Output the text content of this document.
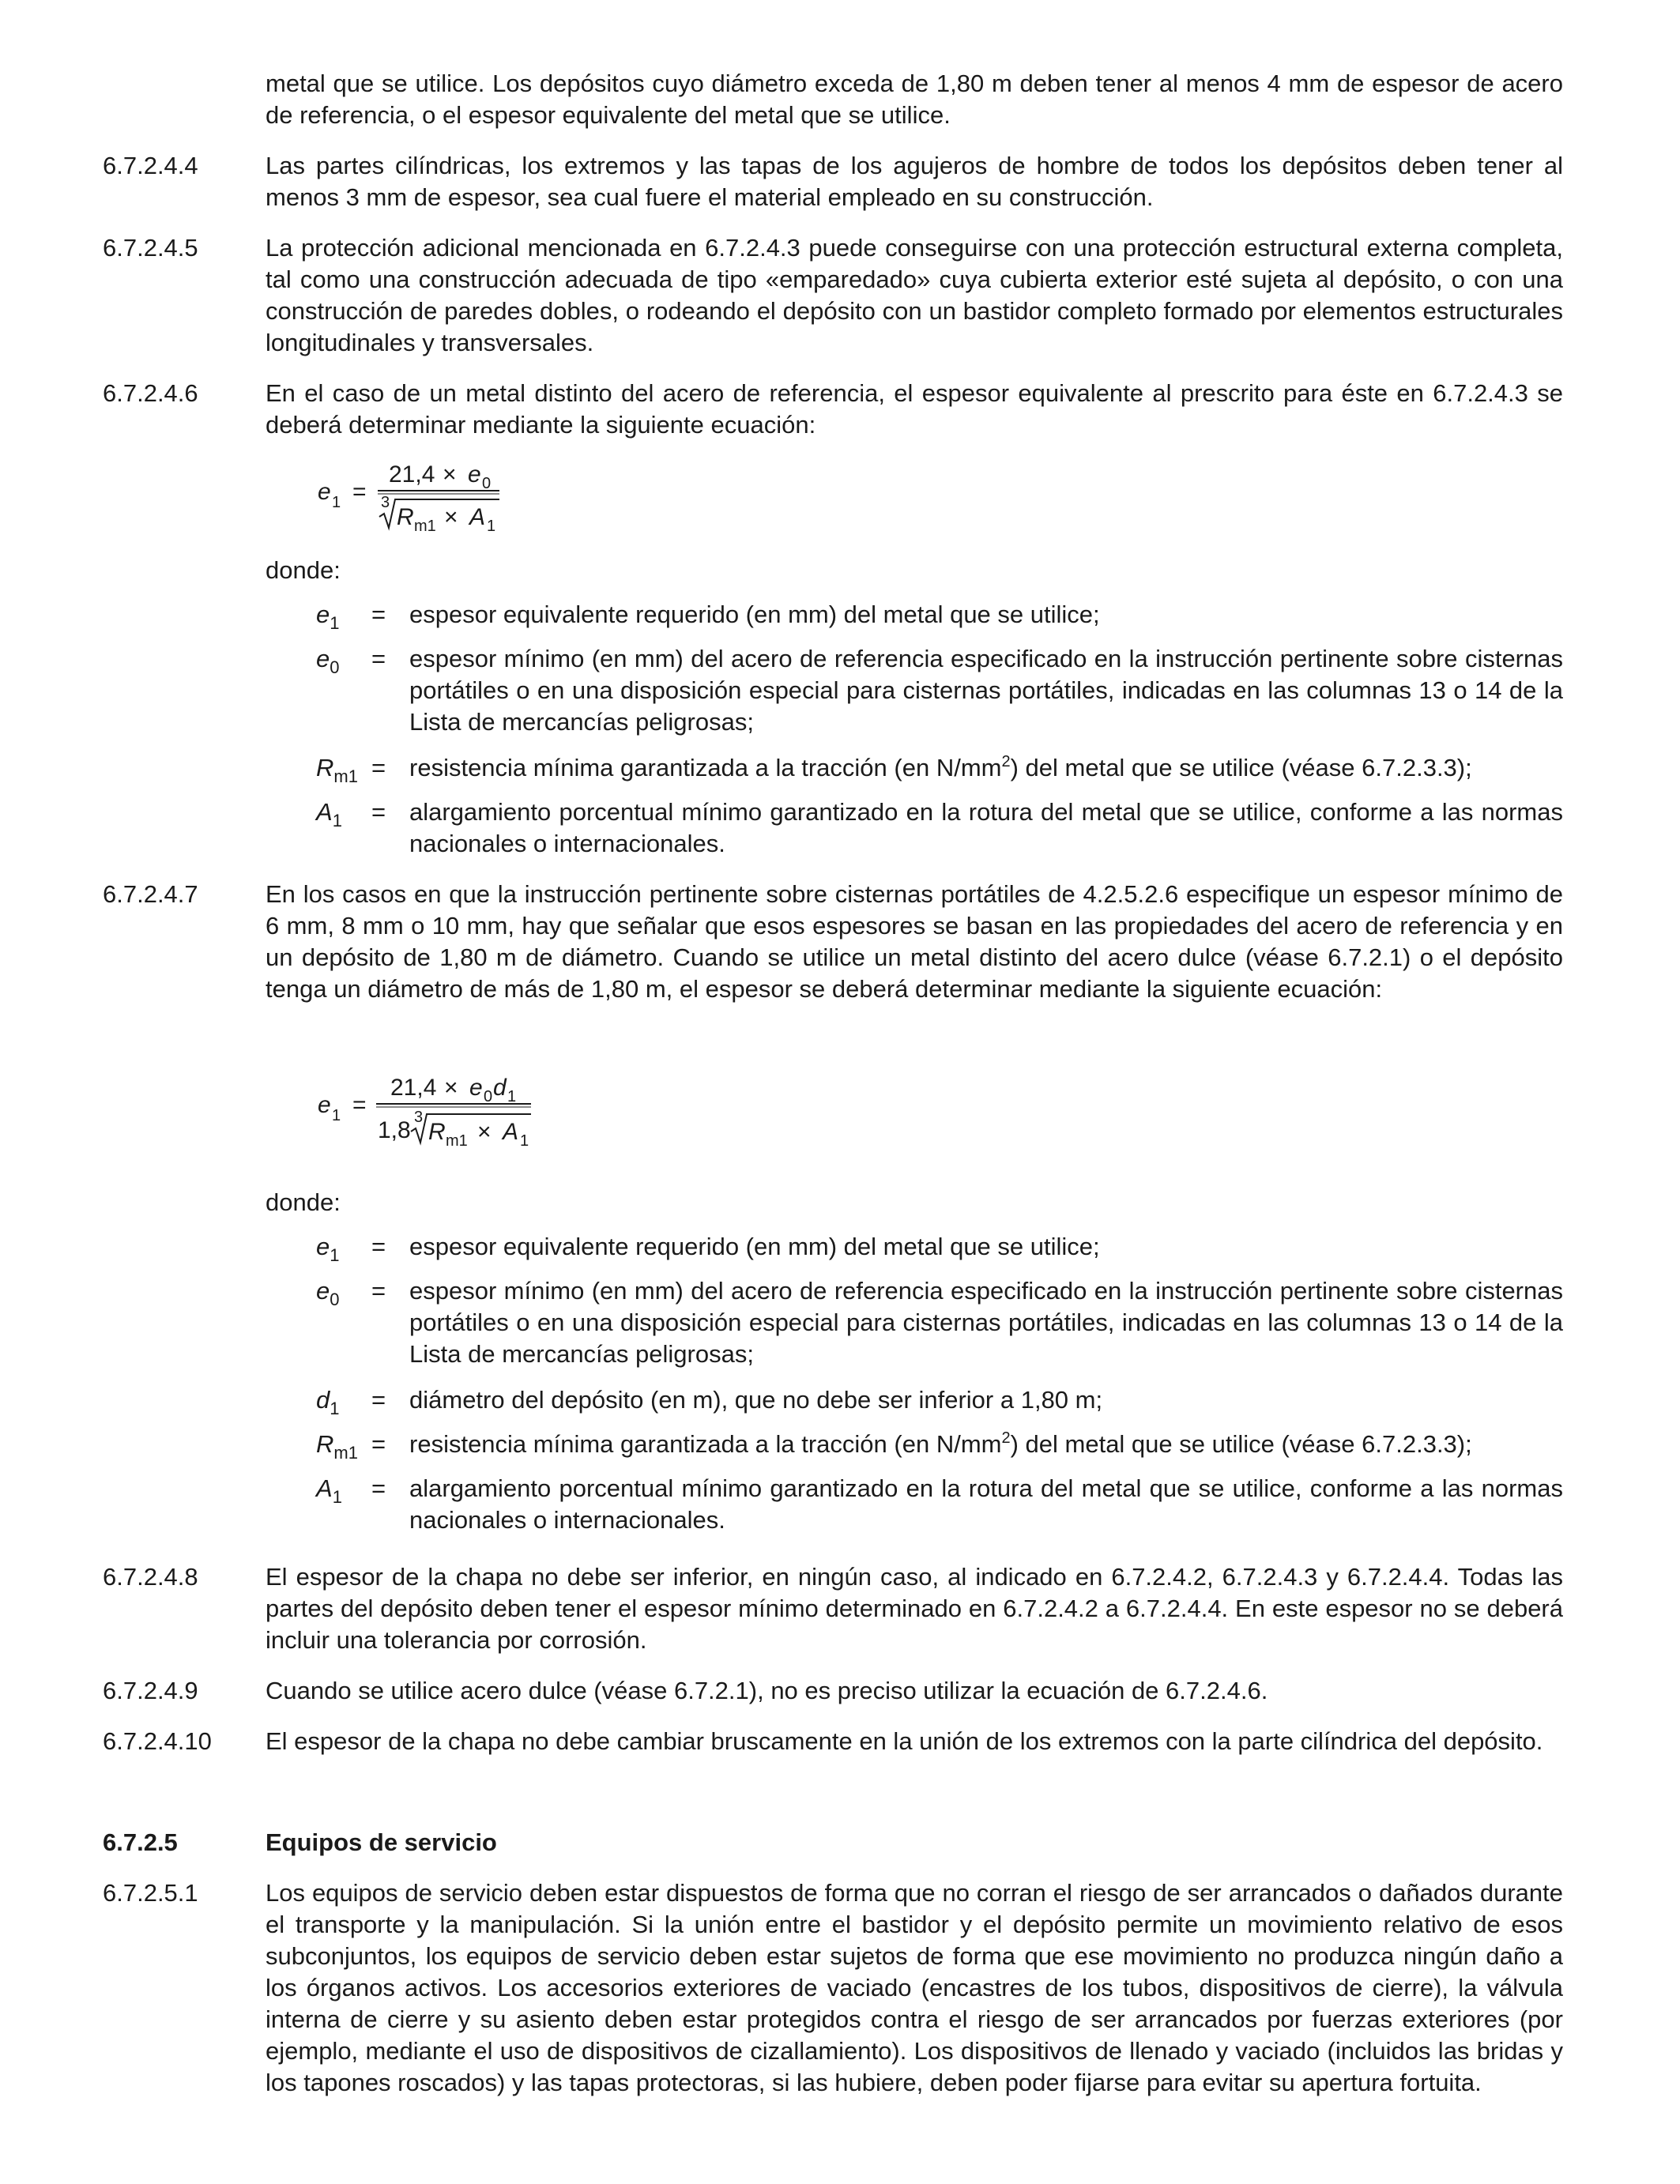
metal que se utilice. Los depósitos cuyo diámetro exceda de 1,80 m deben tener al menos 4 mm de espesor de acero de referencia, o el espesor equivalente del metal que se utilice.
6.7.2.4.4	Las partes cilíndricas, los extremos y las tapas de los agujeros de hombre de todos los depósitos deben tener al menos 3 mm de espesor, sea cual fuere el material empleado en su construcción.
6.7.2.4.5	La protección adicional mencionada en 6.7.2.4.3 puede conseguirse con una protección estructural externa completa, tal como una construcción adecuada de tipo «emparedado» cuya cubierta exterior esté sujeta al depósito, o con una construcción de paredes dobles, o rodeando el depósito con un bastidor completo formado por elementos estructurales longitudinales y transversales.
6.7.2.4.6	En el caso de un metal distinto del acero de referencia, el espesor equivalente al prescrito para éste en 6.7.2.4.3 se deberá determinar mediante la siguiente ecuación:
e 1 =
21,4 × e 0
3
R m1 × A 1
donde:
$e_1$	= espesor equivalente requerido (en mm) del metal que se utilice;
$e_0$	= espesor mínimo (en mm) del acero de referencia especificado en la instrucción pertinente sobre cisternas portátiles o en una disposición especial para cisternas portátiles, indicadas en las columnas 13 o 14 de la Lista de mercancías peligrosas;
$R_{m1}$ = resistencia mínima garantizada a la tracción (en $N/mm^2$) del metal que se utilice (véase 6.7.2.3.3);
$A_1$	= alargamiento porcentual mínimo garantizado en la rotura del metal que se utilice, conforme a las normas nacionales o internacionales.
6.7.2.4.7	En los casos en que la instrucción pertinente sobre cisternas portátiles de 4.2.5.2.6 especifique un espesor mínimo de 6 mm, 8 mm o 10 mm, hay que señalar que esos espesores se basan en las propiedades del acero de referencia y en un depósito de 1,80 m de diámetro. Cuando se utilice un metal distinto del acero dulce (véase 6.7.2.1) o el depósito tenga un diámetro de más de 1,80 m, el espesor se deberá determinar mediante la siguiente ecuación:
e 1 =
21,4 × e 0 d 1
1,8 3
R m1 × A 1
donde:
$e_1$	= espesor equivalente requerido (en mm) del metal que se utilice;
$e_0$	= espesor mínimo (en mm) del acero de referencia especificado en la instrucción pertinente sobre cisternas portátiles o en una disposición especial para cisternas portátiles, indicadas en las columnas 13 o 14 de la Lista de mercancías peligrosas;
$d_1$	= diámetro del depósito (en m), que no debe ser inferior a 1,80 m;
$R_{m1}$ = resistencia mínima garantizada a la tracción (en $N/mm^2$) del metal que se utilice (véase 6.7.2.3.3);
$A_1$	= alargamiento porcentual mínimo garantizado en la rotura del metal que se utilice, conforme a las normas nacionales o internacionales.
6.7.2.4.8	El espesor de la chapa no debe ser inferior, en ningún caso, al indicado en 6.7.2.4.2, 6.7.2.4.3 y 6.7.2.4.4. Todas las partes del depósito deben tener el espesor mínimo determinado en 6.7.2.4.2 a 6.7.2.4.4. En este espesor no se deberá incluir una tolerancia por corrosión.
6.7.2.4.9	Cuando se utilice acero dulce (véase 6.7.2.1), no es preciso utilizar la ecuación de 6.7.2.4.6.
6.7.2.4.10	El espesor de la chapa no debe cambiar bruscamente en la unión de los extremos con la parte cilíndrica del depósito.
6.7.2.5	Equipos de servicio
6.7.2.5.1	Los equipos de servicio deben estar dispuestos de forma que no corran el riesgo de ser arrancados o dañados durante el transporte y la manipulación. Si la unión entre el bastidor y el depósito permite un movimiento relativo de esos subconjuntos, los equipos de servicio deben estar sujetos de forma que ese movimiento no produzca ningún daño a los órganos activos. Los accesorios exteriores de vaciado (encastres de los tubos, dispositivos de cierre), la válvula interna de cierre y su asiento deben estar protegidos contra el riesgo de ser arrancados por fuerzas exteriores (por ejemplo, mediante el uso de dispositivos de cizallamiento). Los dispositivos de llenado y vaciado (incluidos las bridas y los tapones roscados) y las tapas protectoras, si las hubiere, deben poder fijarse para evitar su apertura fortuita.
